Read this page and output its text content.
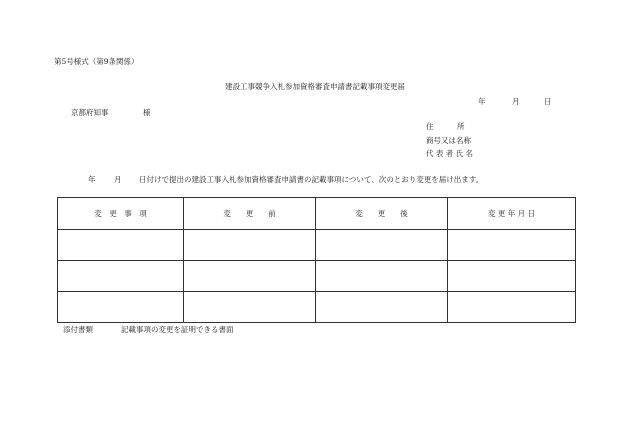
第5号様式（第9条関係）
建設工事競争入札参加資格審査申請書記載事項変更届
年	月	日
京都府知事	様
住	所
商号又は名称
代 表 者 氏 名
年 月 日付けで提出の建設工事入札参加資格審査申請書の記載事項について、次のとおり変更を届け出ます。
変　更　事　項	変　　更　　前	変　　更　　後	変 更 年 月 日

添付書類	記載事項の変更を証明できる書面
